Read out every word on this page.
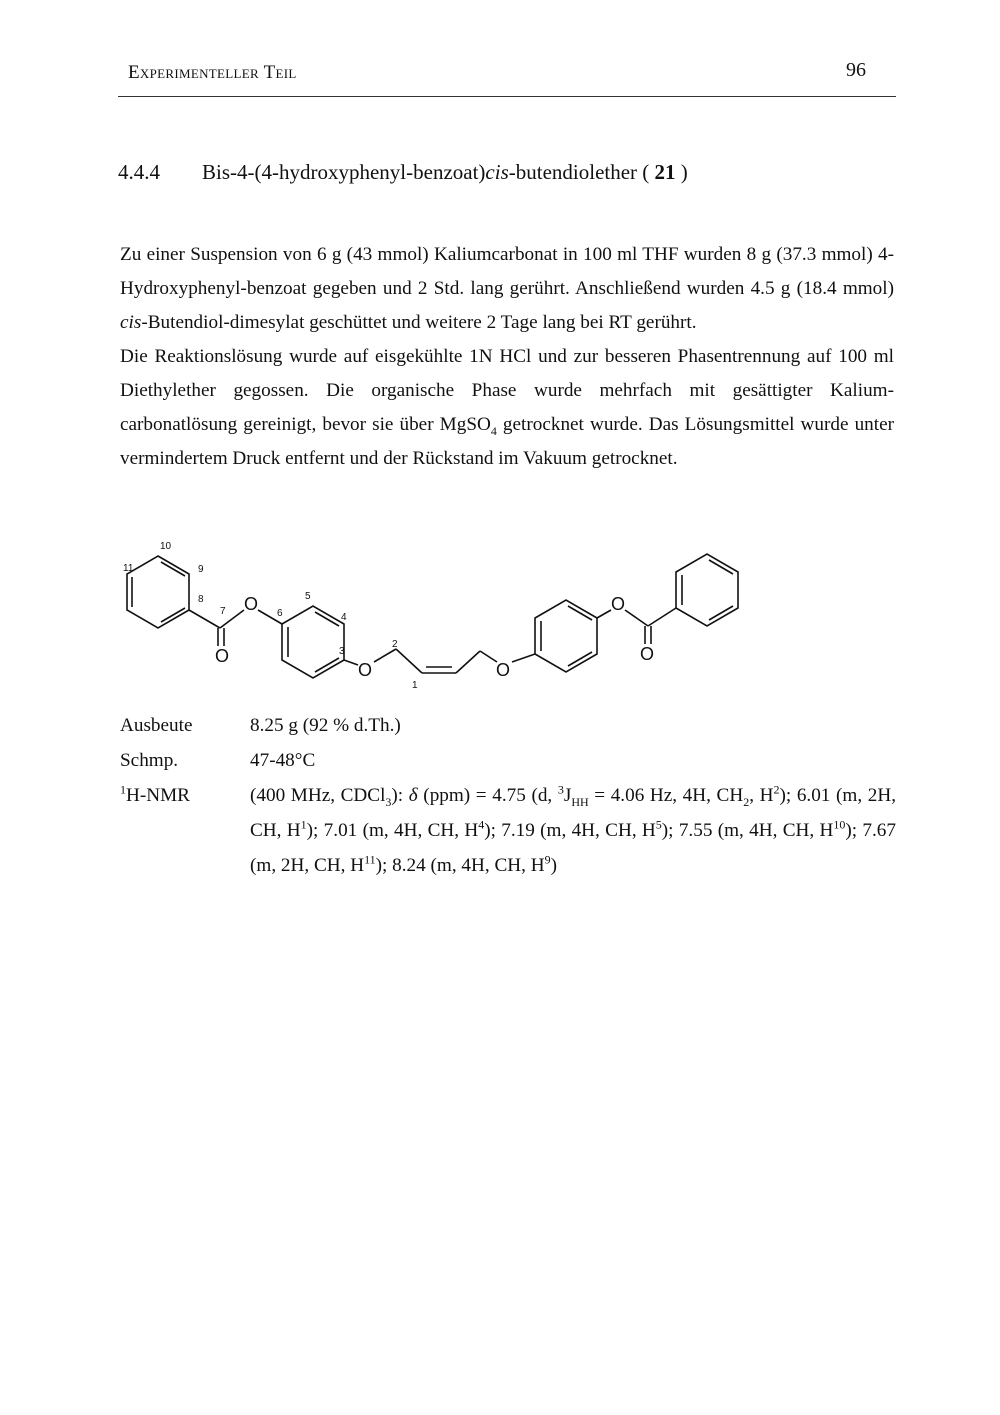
Experimenteller Teil	96
4.4.4 Bis-4-(4-hydroxyphenyl-benzoat)cis-butendiolether ( 21 )

Zu einer Suspension von 6 g (43 mmol) Kaliumcarbonat in 100 ml THF wurden 8 g (37.3 mmol) 4-Hydroxyphenyl-benzoat gegeben und 2 Std. lang gerührt. Anschließend wurden 4.5 g (18.4 mmol) cis-Butendiol-dimesylat geschüttet und weitere 2 Tage lang bei RT gerührt.

Die Reaktionslösung wurde auf eisgekühlte 1N HCl und zur besseren Phasentrennung auf 100 ml Diethylether gegossen. Die organische Phase wurde mehrfach mit gesättigter Kalium-carbonatlösung gereinigt, bevor sie über MgSO$_4$ getrocknet wurde. Das Lösungsmittel wurde unter vermindertem Druck entfernt und der Rückstand im Vakuum getrocknet.

O
O
O	O
O
O
10
11	9
8
7	6
5
4
3
2
1
Ausbeute	8.25 g (92 % d.Th.)
Schmp.	47-48°C
$^1$H-NMR	(400 MHz, CDCl$_3$): δ (ppm) = 4.75 (d, $^3J_{HH} = 4.06$ Hz, 4H, $CH_2$, $H^2$); 6.01 (m, 2H, CH, $H^1$); 7.01 (m, 4H, CH, $H^4$); 7.19 (m, 4H, CH, $H^5$); 7.55 (m, 4H, CH, $H^{10}$); 7.67 (m, 2H, CH, $H^{11}$); 8.24 (m, 4H, CH, $H^9$)
